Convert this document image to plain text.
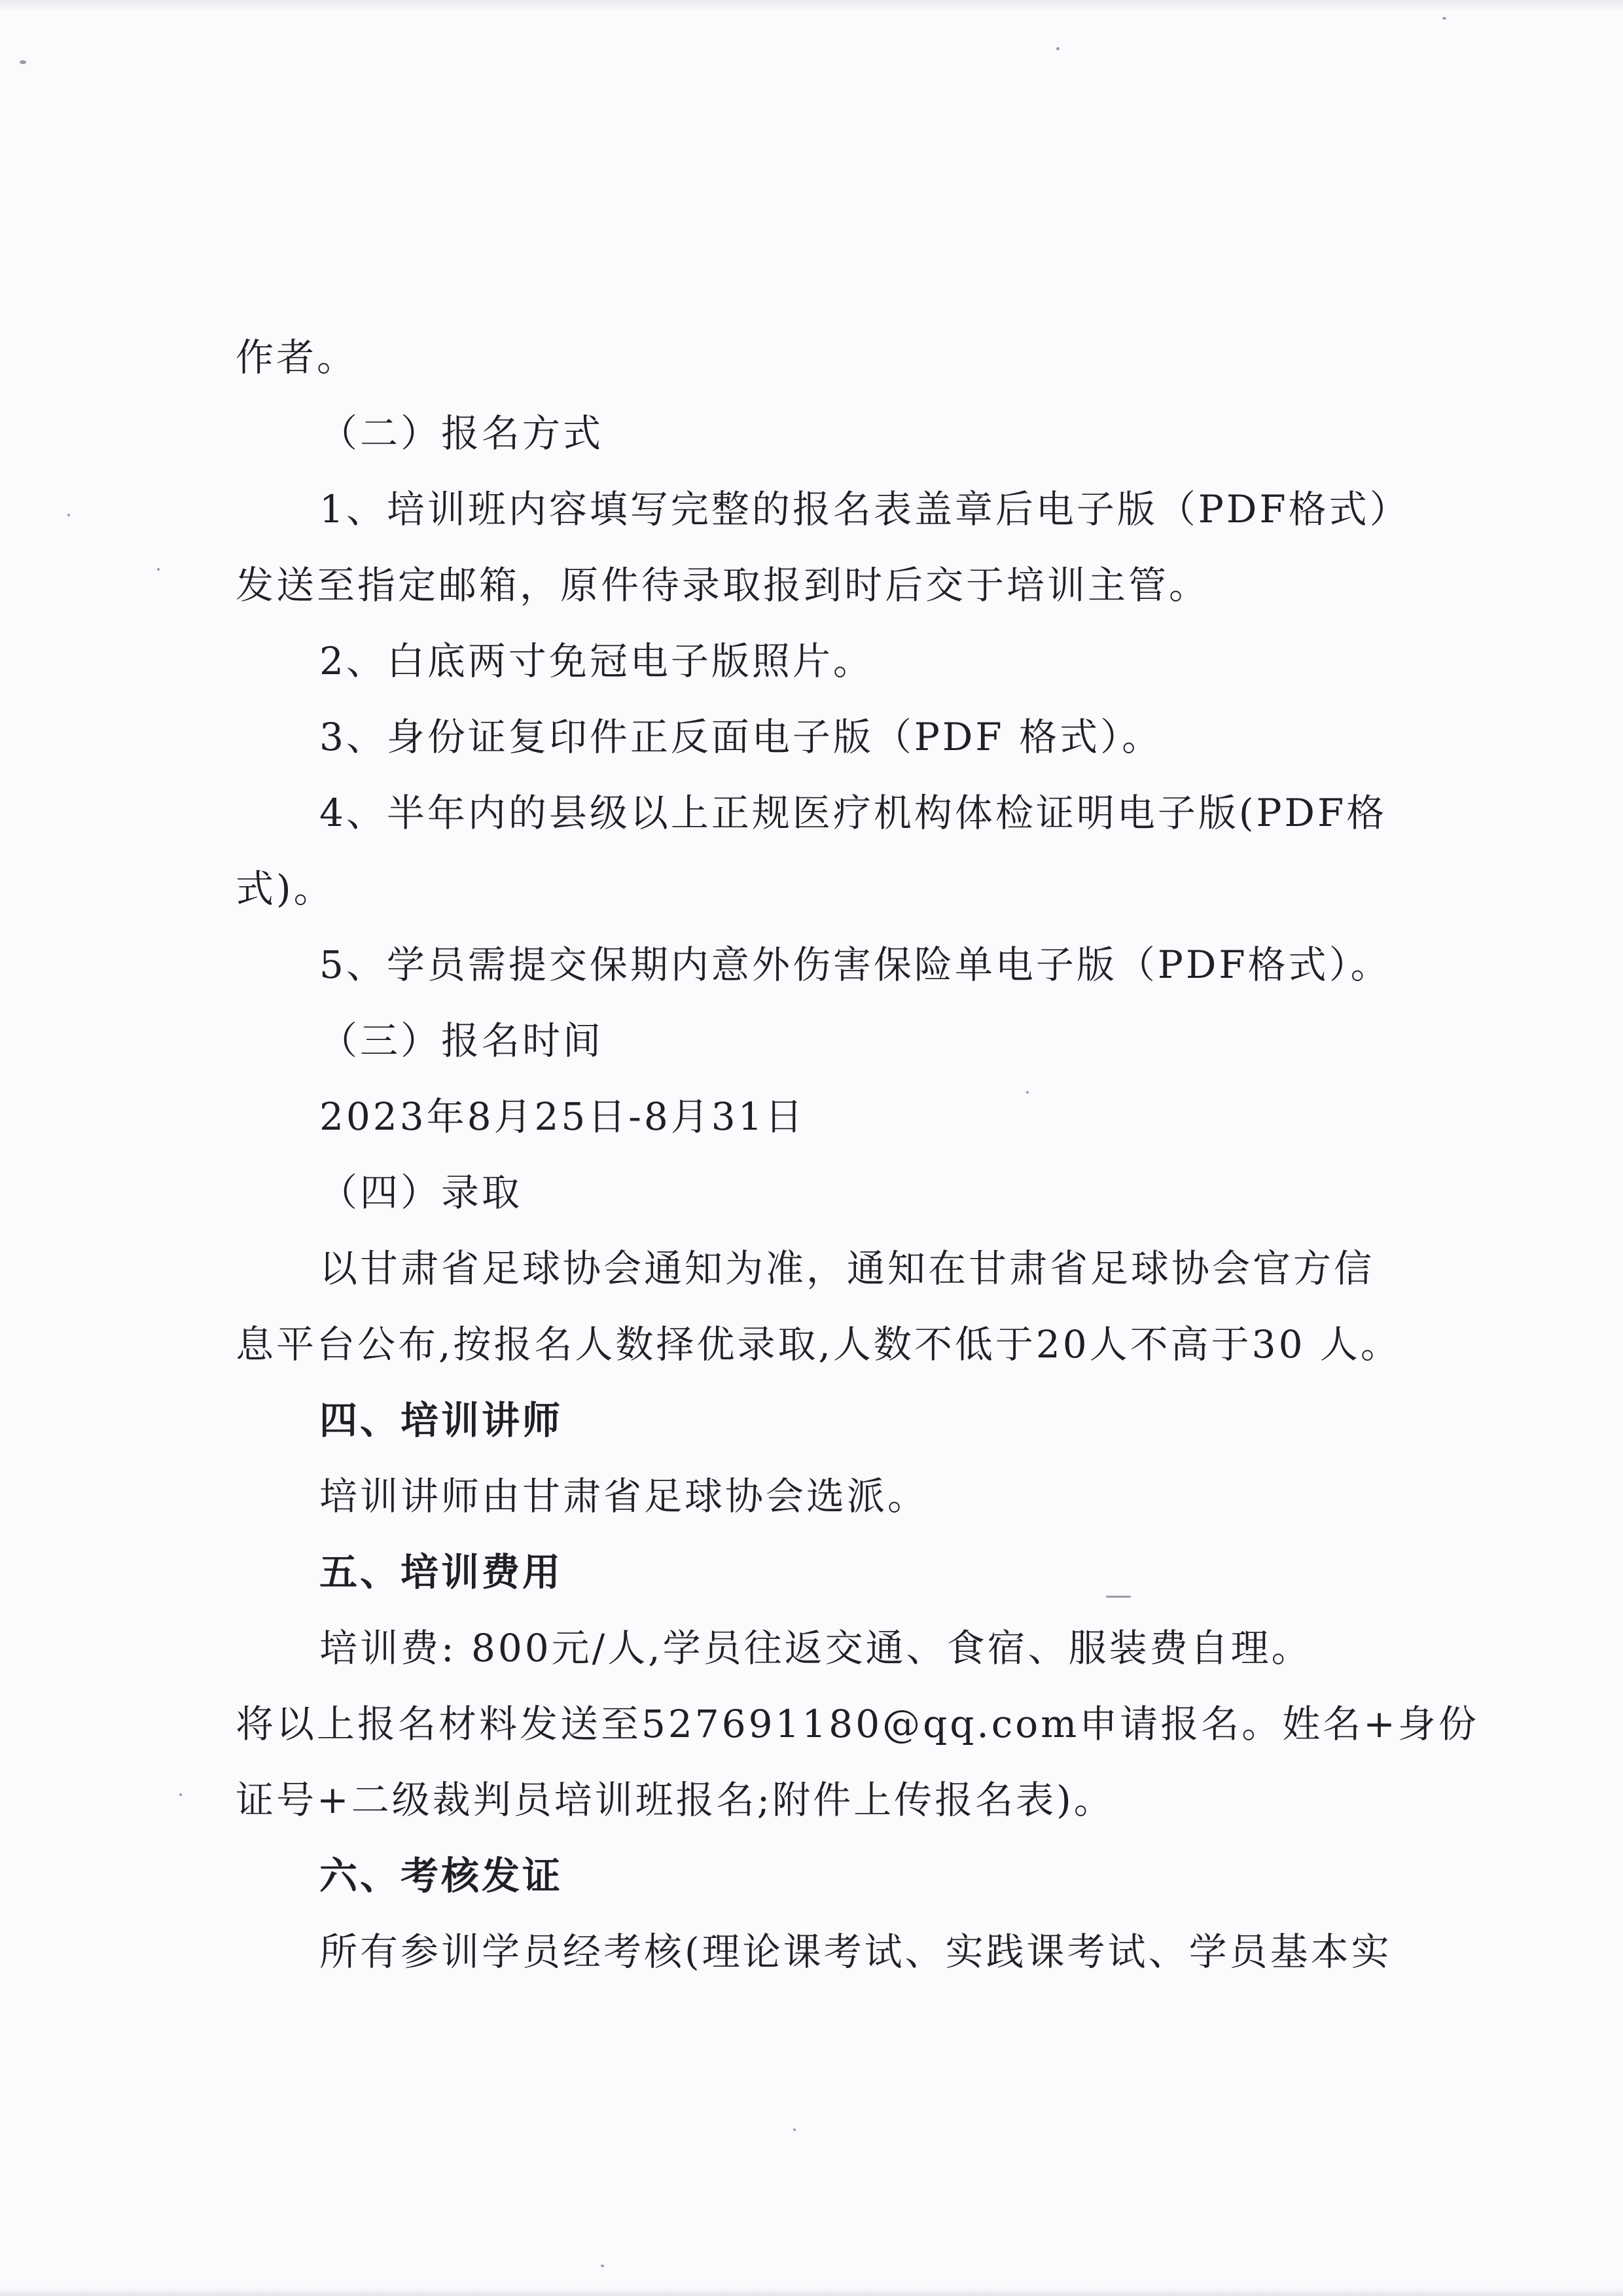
作者。
（二）报名方式
1、培训班内容填写完整的报名表盖章后电子版（PDF格式）
发送至指定邮箱，原件待录取报到时后交于培训主管。
2、白底两寸免冠电子版照片。
3、身份证复印件正反面电子版（PDF 格式）。
4、半年内的县级以上正规医疗机构体检证明电子版(PDF格
式)。
5、学员需提交保期内意外伤害保险单电子版（PDF格式）。
（三）报名时间
2023年8月25日-8月31日
（四）录取
以甘肃省足球协会通知为准，通知在甘肃省足球协会官方信
息平台公布,按报名人数择优录取,人数不低于20人不高于30 人。
四、培训讲师
培训讲师由甘肃省足球协会选派。
五、培训费用
培训费: 800元/人,学员往返交通、食宿、服装费自理。
将以上报名材料发送至527691180@qq.com申请报名。姓名+身份
证号+二级裁判员培训班报名;附件上传报名表)。
六、考核发证
所有参训学员经考核(理论课考试、实践课考试、学员基本实
